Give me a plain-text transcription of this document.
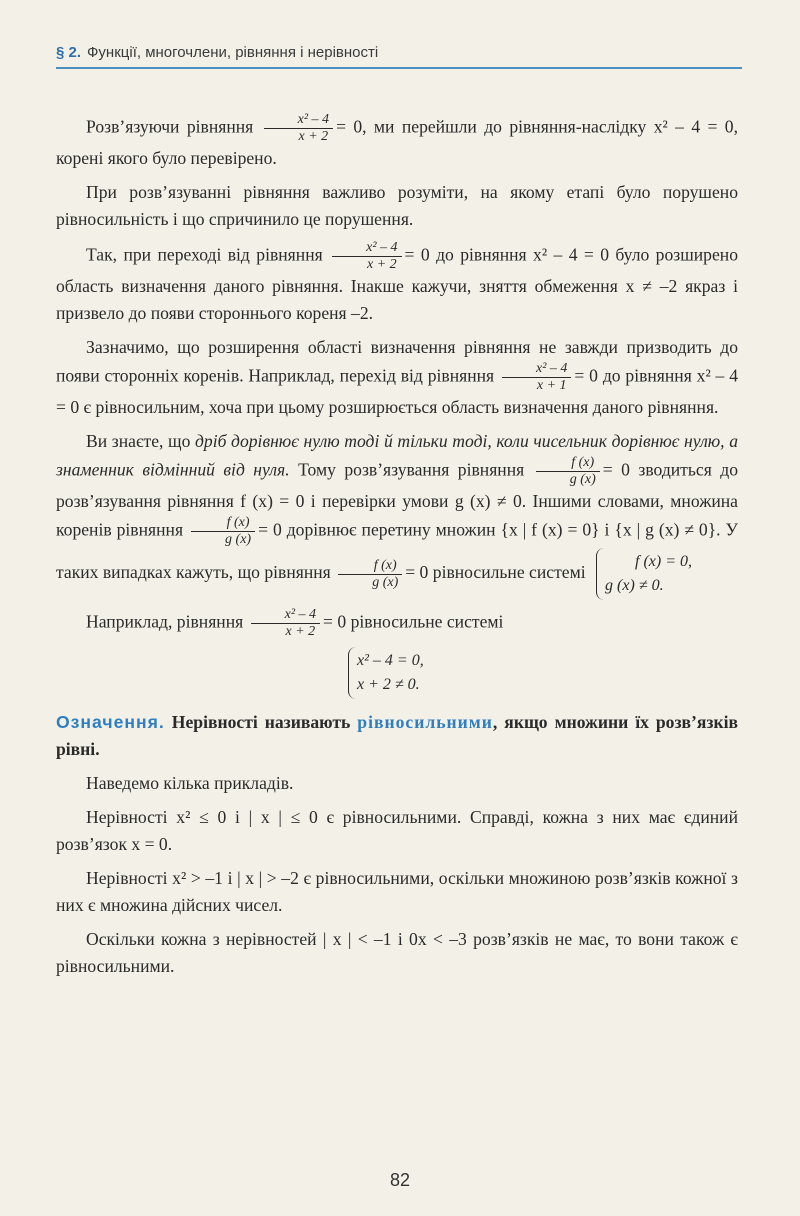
§ 2. Функції, многочлени, рівняння і нерівності

Розв’язуючи рівняння $\frac{\text{x² – 4}}{x + 2} = 0$, ми перейшли до рівняння-наслідку x² – 4 = 0, корені якого було перевірено.

При розв’язуванні рівняння важливо розуміти, на якому етапі було порушено рівносильність і що спричинило це порушення.

Так, при переході від рівняння $\frac{\text{x² – 4}}{x + 2} = 0$ до рівняння x² – 4 = 0 було розширено область визначення даного рівняння. Інакше кажучи, зняття обмеження x ≠ –2 якраз і призвело до появи стороннього кореня –2.

Зазначимо, що розширення області визначення рівняння не завжди призводить до появи сторонніх коренів. Наприклад, перехід від рівняння $\frac{\text{x² – 4}}{x + 1} = 0$ до рівняння x² – 4 = 0 є рівносильним, хоча при цьому розширюється область визначення даного рівняння.

Ви знаєте, що дріб дорівнює нулю тоді й тільки тоді, коли чисельник дорівнює нулю, а знаменник відмінний від нуля. Тому розв’язування рівняння $\frac{f (x)}{g (x)} = 0$ зводиться до розв’язування рівняння f (x) = 0 і перевірки умови g (x) ≠ 0. Іншими словами, множина коренів рівняння $\frac{f (x)}{g (x)} = 0$ дорівнює перетину множин {x | f (x) = 0} і {x | g (x) ≠ 0}. У таких випадках кажуть, що рівняння $\frac{f (x)}{g (x)} = 0$ рівносильне системі f (x) = 0,
g (x) ≠ 0.

Наприклад, рівняння $\frac{\text{x² – 4}}{x + 2} = 0$ рівносильне системі

x² – 4 = 0,
x + 2 ≠ 0.

Означення. Нерівності називають рівносильними, якщо множини їх розв’язків рівні.

Наведемо кілька прикладів.

Нерівності x² ≤ 0 і | x | ≤ 0 є рівносильними. Справді, кожна з них має єдиний розв’язок x = 0.

Нерівності x² > –1 і | x | > –2 є рівносильними, оскільки множиною розв’язків кожної з них є множина дійсних чисел.

Оскільки кожна з нерівностей | x | < –1 і 0x < –3 розв’язків не має, то вони також є рівносильними.

82
